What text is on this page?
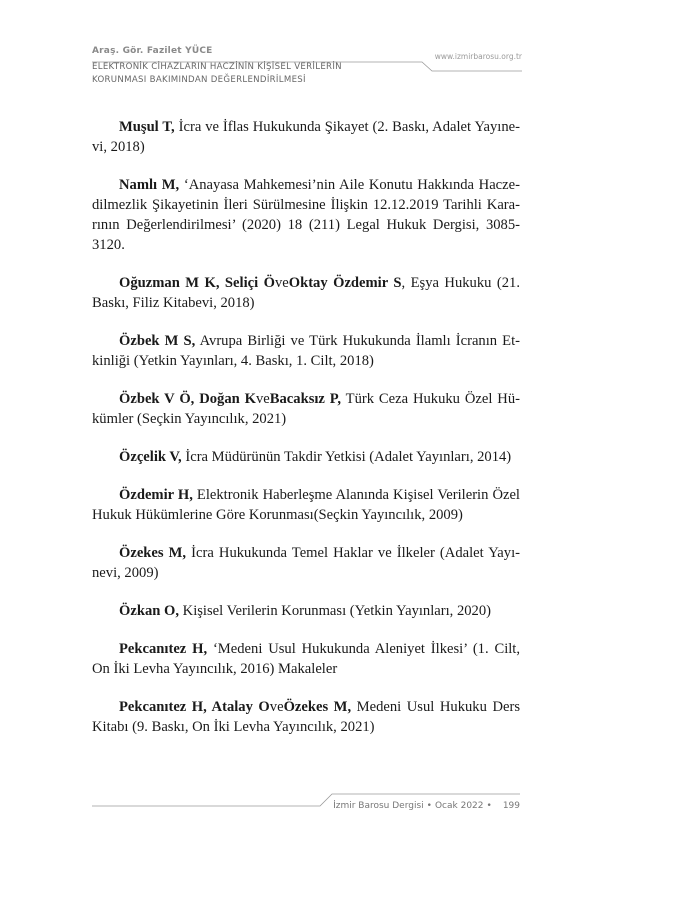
Araş. Gör. Fazilet YÜCE
www.izmirbarosu.org.tr
ELEKTRONİK CİHAZLARIN HACZİNİN KİŞİSEL VERİLERİN
KORUNMASI BAKIMINDAN DEĞERLENDİRİLMESİ

Muşul T, İcra ve İflas Hukukunda Şikayet (2. Baskı, Adalet Yayıne-vi, 2018)

Namlı M, ‘Anayasa Mahkemesi’nin Aile Konutu Hakkında Hacze-dilmezlik Şikayetinin İleri Sürülmesine İlişkin 12.12.2019 Tarihli Kara-rının Değerlendirilmesi’ (2020) 18 (211) Legal Hukuk Dergisi, 3085-3120.

Oğuzman M K, Seliçi ÖveOktay Özdemir S, Eşya Hukuku (21. Baskı, Filiz Kitabevi, 2018)

Özbek M S, Avrupa Birliği ve Türk Hukukunda İlamlı İcranın Et-kinliği (Yetkin Yayınları, 4. Baskı, 1. Cilt, 2018)

Özbek V Ö, Doğan KveBacaksız P, Türk Ceza Hukuku Özel Hü-kümler (Seçkin Yayıncılık, 2021)

Özçelik V, İcra Müdürünün Takdir Yetkisi (Adalet Yayınları, 2014)

Özdemir H, Elektronik Haberleşme Alanında Kişisel Verilerin Özel Hukuk Hükümlerine Göre Korunması(Seçkin Yayıncılık, 2009)

Özekes M, İcra Hukukunda Temel Haklar ve İlkeler (Adalet Yayı-nevi, 2009)

Özkan O, Kişisel Verilerin Korunması (Yetkin Yayınları, 2020)

Pekcanıtez H, ‘Medeni Usul Hukukunda Aleniyet İlkesi’ (1. Cilt, On İki Levha Yayıncılık, 2016) Makaleler

Pekcanıtez H, Atalay OveÖzekes M, Medeni Usul Hukuku Ders Kitabı (9. Baskı, On İki Levha Yayıncılık, 2021)

İzmir Barosu Dergisi • Ocak 2022 • 199
